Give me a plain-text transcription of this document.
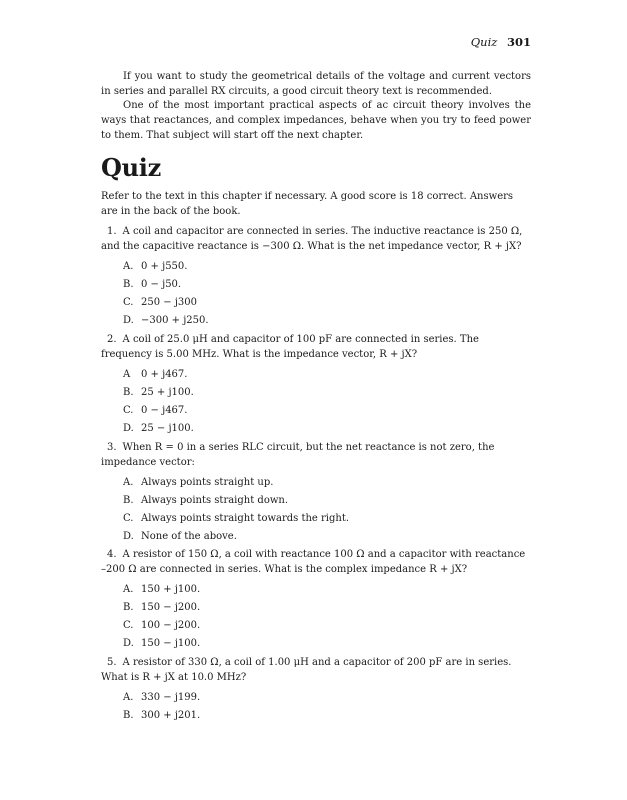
Quiz 301

If you want to study the geometrical details of the voltage and current vectors in series and parallel RX circuits, a good circuit theory text is recommended.

One of the most important practical aspects of ac circuit theory involves the ways that reactances, and complex impedances, behave when you try to feed power to them. That subject will start off the next chapter.

Quiz

Refer to the text in this chapter if necessary. A good score is 18 correct. Answers are in the back of the book.

1. A coil and capacitor are connected in series. The inductive reactance is 250 Ω, and the capacitive reactance is −300 Ω. What is the net impedance vector, R + jX?

A. 0 + j550.
B. 0 − j50.
C. 250 − j300
D. −300 + j250.

2. A coil of 25.0 μH and capacitor of 100 pF are connected in series. The frequency is 5.00 MHz. What is the impedance vector, R + jX?

A 0 + j467.
B. 25 + j100.
C. 0 − j467.
D. 25 − j100.

3. When R = 0 in a series RLC circuit, but the net reactance is not zero, the impedance vector:

A. Always points straight up.
B. Always points straight down.
C. Always points straight towards the right.
D. None of the above.

4. A resistor of 150 Ω, a coil with reactance 100 Ω and a capacitor with reactance –200 Ω are connected in series. What is the complex impedance R + jX?

A. 150 + j100.
B. 150 − j200.
C. 100 − j200.
D. 150 − j100.

5. A resistor of 330 Ω, a coil of 1.00 μH and a capacitor of 200 pF are in series. What is R + jX at 10.0 MHz?

A. 330 − j199.
B. 300 + j201.
